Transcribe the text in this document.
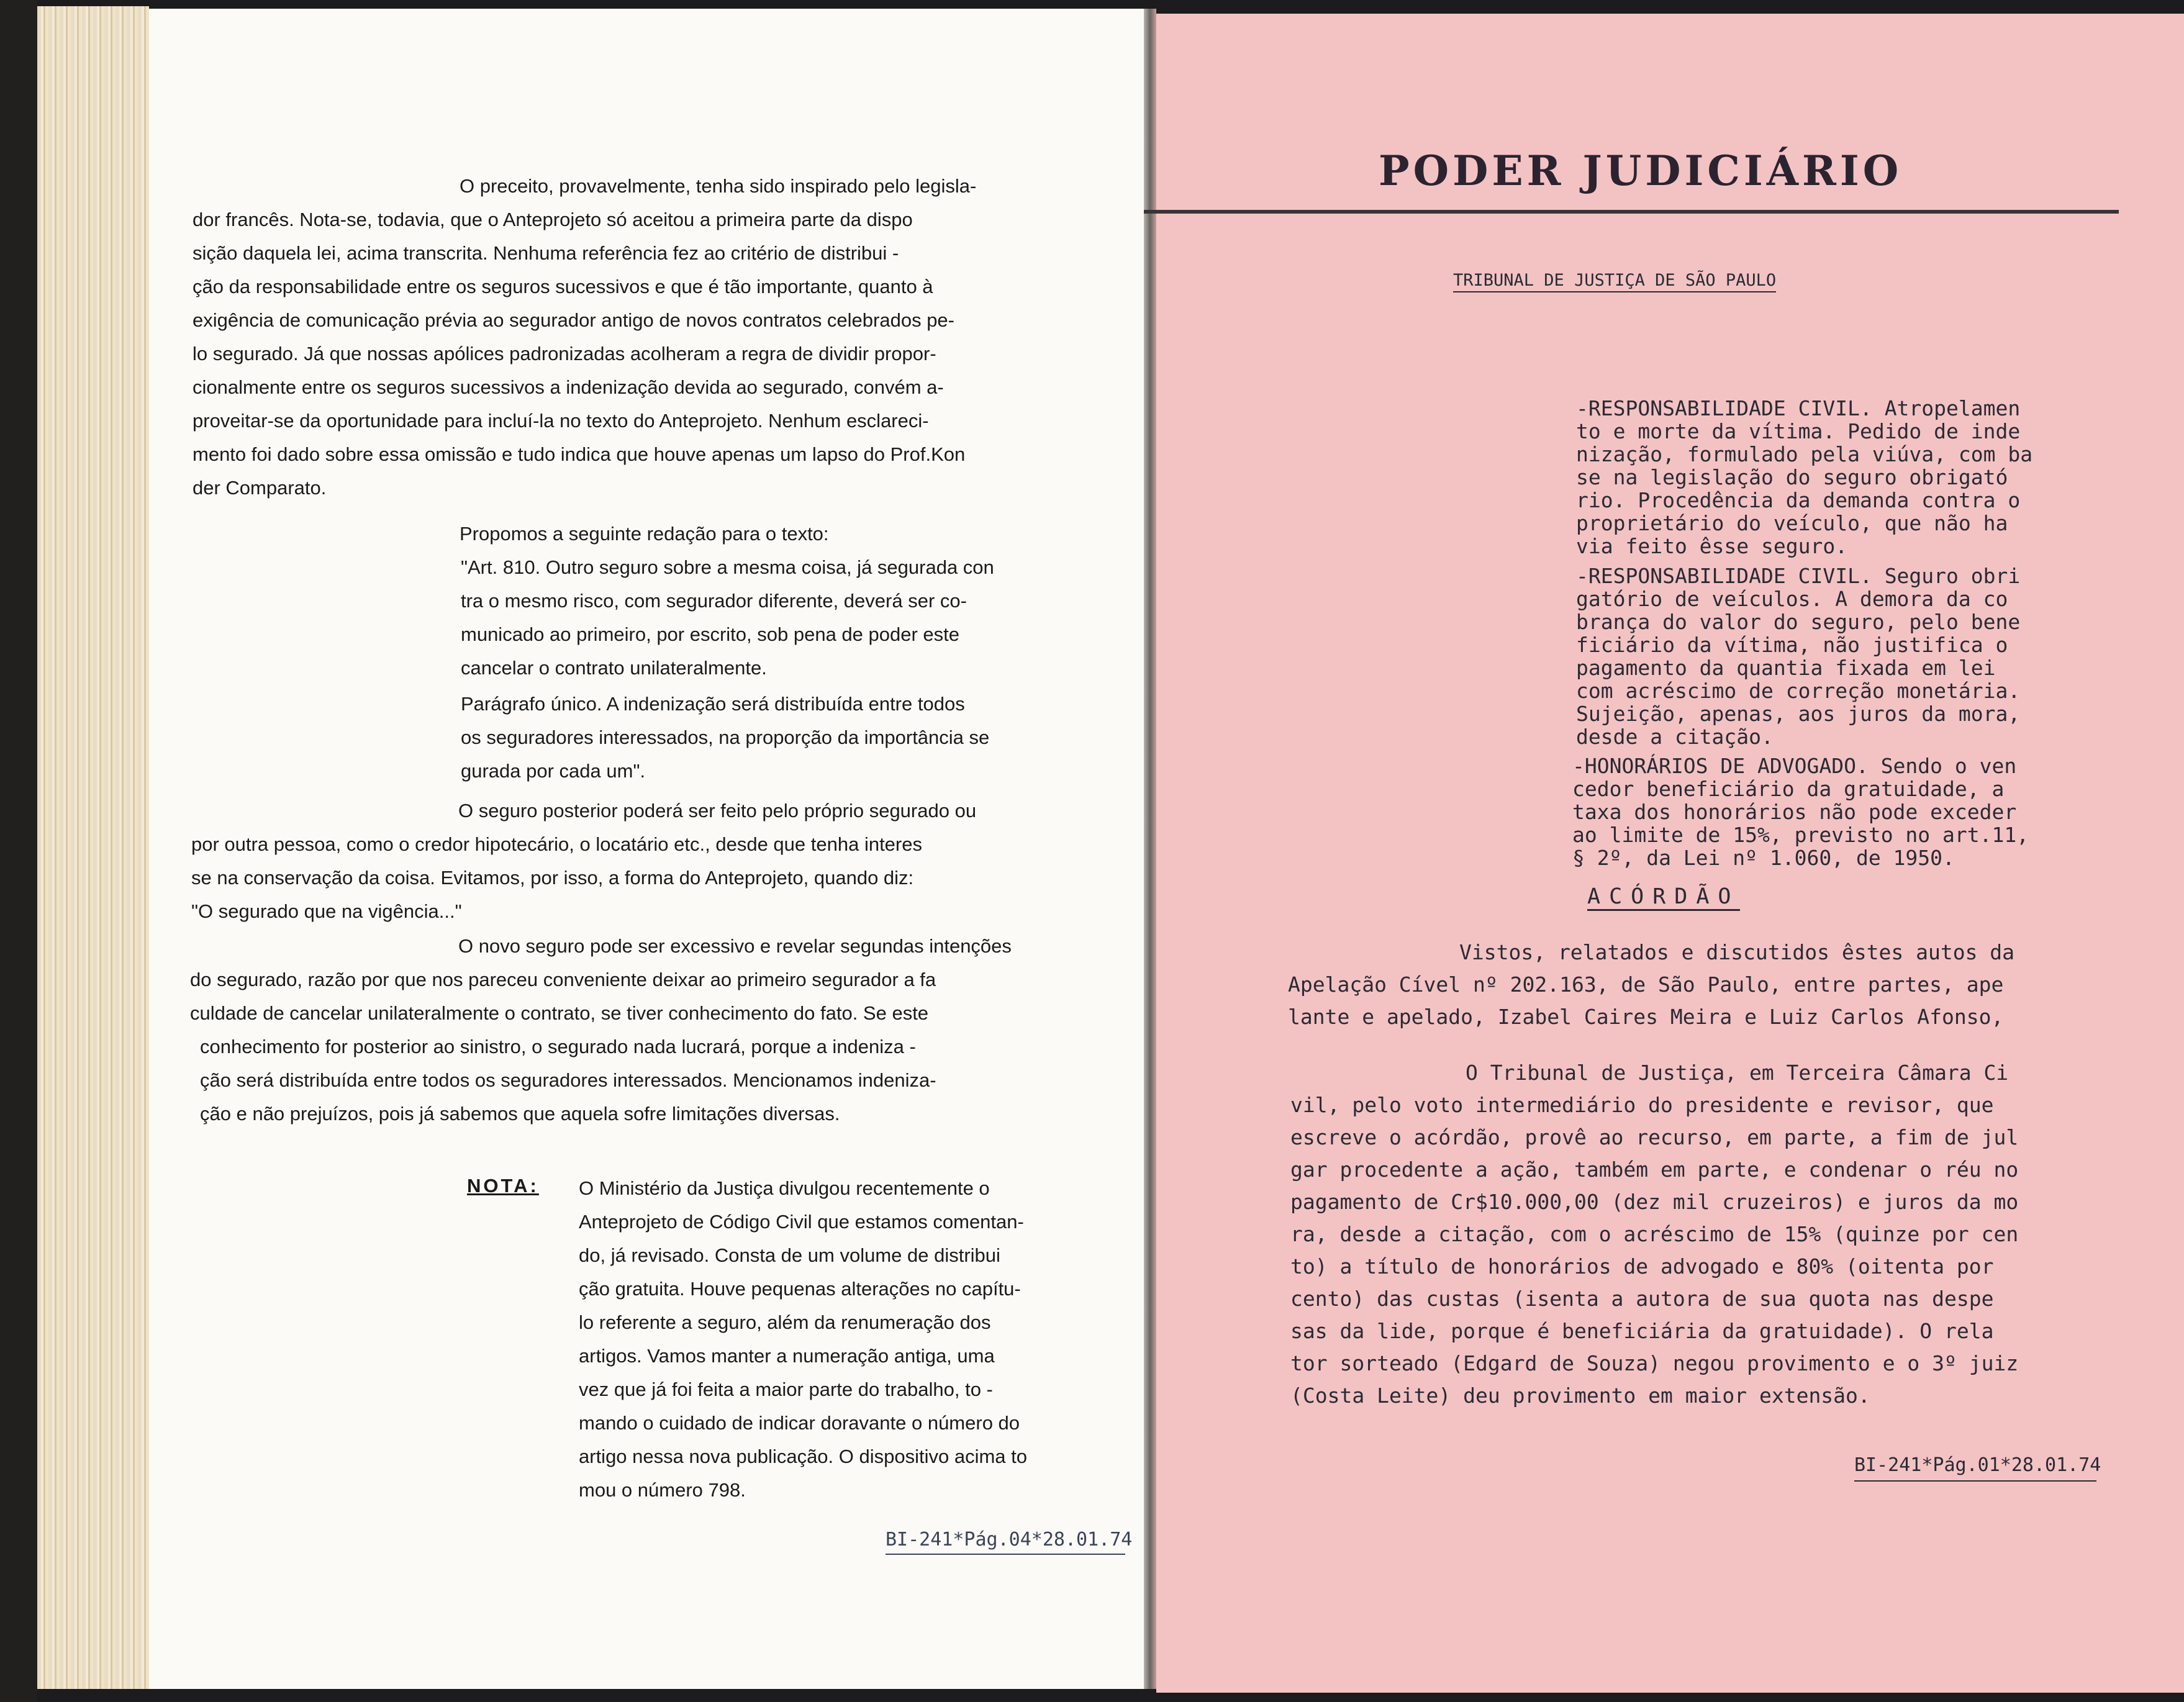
O preceito, provavelmente, tenha sido inspirado pelo legisla-

dor francês. Nota-se, todavia, que o Anteprojeto só aceitou a primeira parte da dispo

sição daquela lei, acima transcrita. Nenhuma referência fez ao critério de distribui -

ção da responsabilidade entre os seguros sucessivos e que é tão importante, quanto à

exigência de comunicação prévia ao segurador antigo de novos contratos celebrados pe-

lo segurado. Já que nossas apólices padronizadas acolheram a regra de dividir propor-

cionalmente entre os seguros sucessivos a indenização devida ao segurado, convém a-

proveitar-se da oportunidade para incluí-la no texto do Anteprojeto. Nenhum esclareci-

mento foi dado sobre essa omissão e tudo indica que houve apenas um lapso do Prof.Kon

der Comparato.

Propomos a seguinte redação para o texto:

"Art. 810. Outro seguro sobre a mesma coisa, já segurada con

tra o mesmo risco, com segurador diferente, deverá ser co-

municado ao primeiro, por escrito, sob pena de poder este

cancelar o contrato unilateralmente.

Parágrafo único. A indenização será distribuída entre todos

os seguradores interessados, na proporção da importância se

gurada por cada um".

O seguro posterior poderá ser feito pelo próprio segurado ou

por outra pessoa, como o credor hipotecário, o locatário etc., desde que tenha interes

se na conservação da coisa. Evitamos, por isso, a forma do Anteprojeto, quando diz:

"O segurado que na vigência..."

O novo seguro pode ser excessivo e revelar segundas intenções

do segurado, razão por que nos pareceu conveniente deixar ao primeiro segurador a fa

culdade de cancelar unilateralmente o contrato, se tiver conhecimento do fato. Se este

conhecimento for posterior ao sinistro, o segurado nada lucrará, porque a indeniza -

ção será distribuída entre todos os seguradores interessados. Mencionamos indeniza-

ção e não prejuízos, pois já sabemos que aquela sofre limitações diversas.

NOTA: O Ministério da Justiça divulgou recentemente o

Anteprojeto de Código Civil que estamos comentan-

do, já revisado. Consta de um volume de distribui

ção gratuita. Houve pequenas alterações no capítu-

lo referente a seguro, além da renumeração dos

artigos. Vamos manter a numeração antiga, uma

vez que já foi feita a maior parte do trabalho, to -

mando o cuidado de indicar doravante o número do

artigo nessa nova publicação. O dispositivo acima to

mou o número 798.

BI-241*Pág.04*28.01.74
PODER JUDICIÁRIO
TRIBUNAL DE JUSTIÇA DE SÃO PAULO

-RESPONSABILIDADE CIVIL. Atropelamen

to e morte da vítima. Pedido de inde

nização, formulado pela viúva, com ba

se na legislação do seguro obrigató

rio. Procedência da demanda contra o

proprietário do veículo, que não ha

via feito êsse seguro.

-RESPONSABILIDADE CIVIL. Seguro obri

gatório de veículos. A demora da co

brança do valor do seguro, pelo bene

ficiário da vítima, não justifica o

pagamento da quantia fixada em lei

com acréscimo de correção monetária.

Sujeição, apenas, aos juros da mora,

desde a citação.

-HONORÁRIOS DE ADVOGADO. Sendo o ven

cedor beneficiário da gratuidade, a

taxa dos honorários não pode exceder

ao limite de 15%, previsto no art.11,

§ 2º, da Lei nº 1.060, de 1950.

ACÓRDÃO

Vistos, relatados e discutidos êstes autos da

Apelação Cível nº 202.163, de São Paulo, entre partes, ape

lante e apelado, Izabel Caires Meira e Luiz Carlos Afonso,

O Tribunal de Justiça, em Terceira Câmara Ci

vil, pelo voto intermediário do presidente e revisor, que

escreve o acórdão, provê ao recurso, em parte, a fim de jul

gar procedente a ação, também em parte, e condenar o réu no

pagamento de Cr$10.000,00 (dez mil cruzeiros) e juros da mo

ra, desde a citação, com o acréscimo de 15% (quinze por cen

to) a título de honorários de advogado e 80% (oitenta por

cento) das custas (isenta a autora de sua quota nas despe

sas da lide, porque é beneficiária da gratuidade). O rela

tor sorteado (Edgard de Souza) negou provimento e o 3º juiz

(Costa Leite) deu provimento em maior extensão.

BI-241*Pág.01*28.01.74
